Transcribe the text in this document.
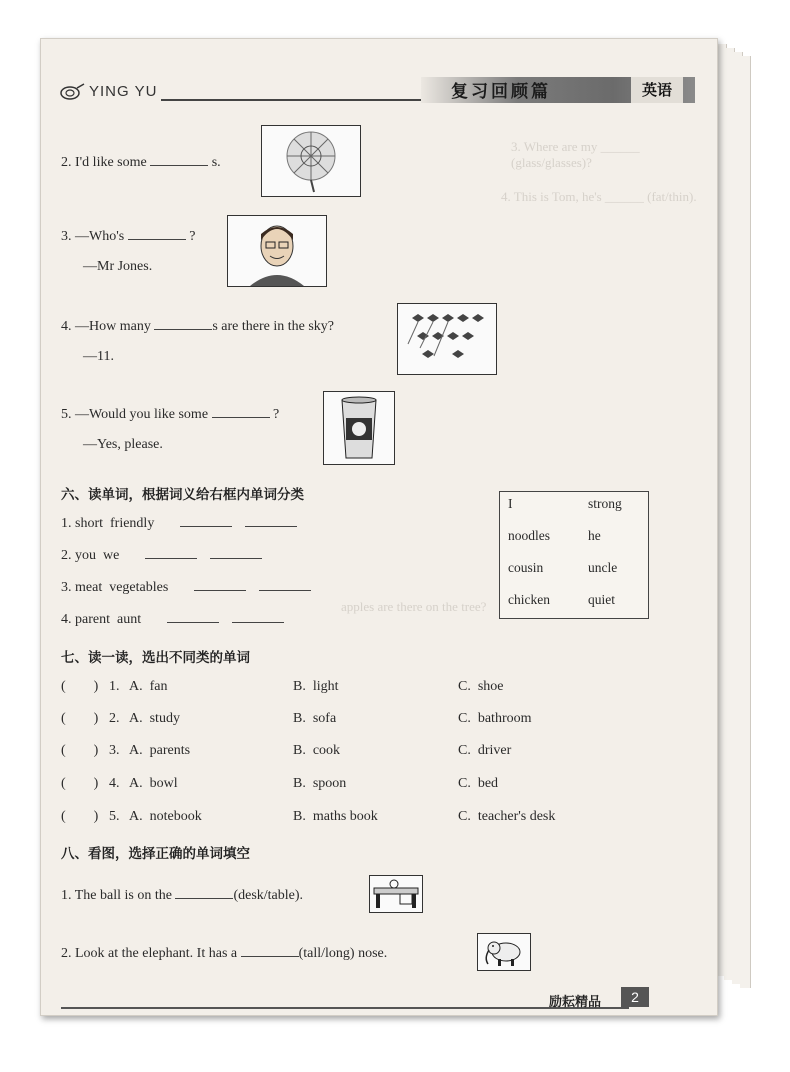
3. Where are my ______ (glass/glasses)?
4. This is Tom, he's ______ (fat/thin).
apples are there on the tree?
YING YU	复习回顾篇	英语
2. I'd like some	s.
3. —Who's	?
—Mr Jones.
4. —How many	s are there in the sky?
—11.
5. —Would you like some	?
—Yes, please.
六、读单词，根据词义给右框内单词分类
1. short  friendly
2. you  we
3. meat  vegetables
4. parent  aunt
I	strong
noodles	he
cousin	uncle
chicken	quiet
七、读一读，选出不同类的单词
(        ) 1. A.  fan	B.  light	C.  shoe
(        ) 2. A.  study	B.  sofa	C.  bathroom
(        ) 3. A.  parents	B.  cook	C.  driver
(        ) 4. A.  bowl	B.  spoon	C.  bed
(        ) 5. A.  notebook	B.  maths book	C.  teacher's desk
八、看图，选择正确的单词填空
1. The ball is on the	(desk/table).
2. Look at the elephant. It has a	(tall/long) nose.
励耘精品	2
